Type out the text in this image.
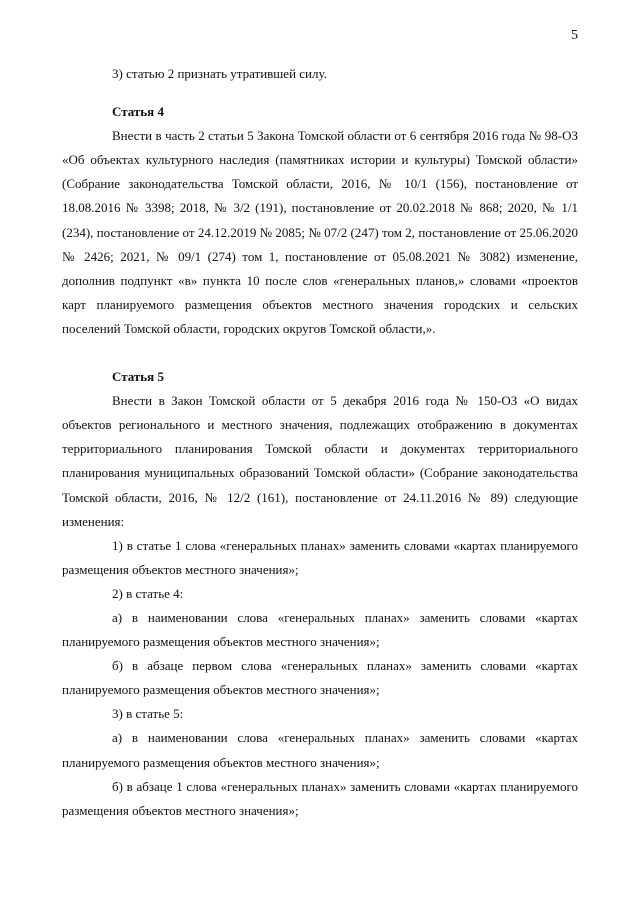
5

3) статью 2 признать утратившей силу.

Статья 4

Внести в часть 2 статьи 5 Закона Томской области от 6 сентября 2016 года № 98-ОЗ «Об объектах культурного наследия (памятниках истории и культуры) Томской области» (Собрание законодательства Томской области, 2016, № 10/1 (156), постановление от 18.08.2016 № 3398; 2018, № 3/2 (191), постановление от 20.02.2018 № 868; 2020, № 1/1 (234), постановление от 24.12.2019 № 2085; № 07/2 (247) том 2, постановление от 25.06.2020 № 2426; 2021, № 09/1 (274) том 1, постановление от 05.08.2021 № 3082) изменение, дополнив подпункт «в» пункта 10 после слов «генеральных планов,» словами «проектов карт планируемого размещения объектов местного значения городских и сельских поселений Томской области, городских округов Томской области,».

Статья 5

Внести в Закон Томской области от 5 декабря 2016 года № 150-ОЗ «О видах объектов регионального и местного значения, подлежащих отображению в документах территориального планирования Томской области и документах территориального планирования муниципальных образований Томской области» (Собрание законодательства Томской области, 2016, № 12/2 (161), постановление от 24.11.2016 № 89) следующие изменения:

1) в статье 1 слова «генеральных планах» заменить словами «картах планируемого размещения объектов местного значения»;

2) в статье 4:

а) в наименовании слова «генеральных планах» заменить словами «картах планируемого размещения объектов местного значения»;

б) в абзаце первом слова «генеральных планах» заменить словами «картах планируемого размещения объектов местного значения»;

3) в статье 5:

а) в наименовании слова «генеральных планах» заменить словами «картах планируемого размещения объектов местного значения»;

б) в абзаце 1 слова «генеральных планах» заменить словами «картах планируемого размещения объектов местного значения»;
